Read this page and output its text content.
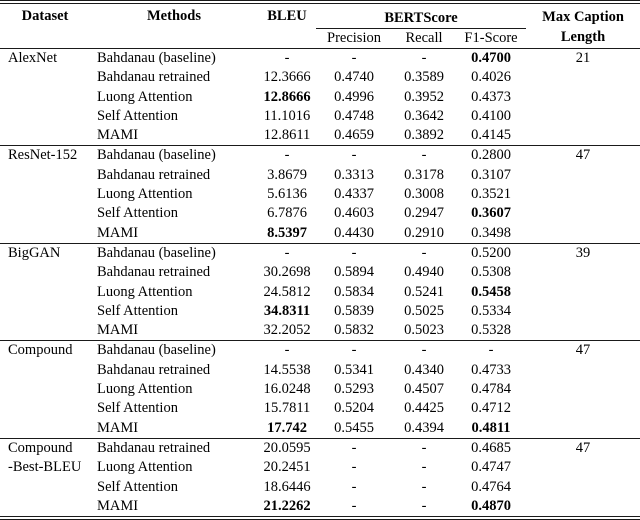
Dataset	Methods	BLEU	BERTScore			Max Caption
Length

			Precision	Recall	F1-Score	
AlexNet	Bahdanau (baseline)	-	-	-	0.4700	21
	Bahdanau retrained	12.3666	0.4740	0.3589	0.4026	
	Luong Attention	12.8666	0.4996	0.3952	0.4373	
	Self Attention	11.1016	0.4748	0.3642	0.4100	
	MAMI	12.8611	0.4659	0.3892	0.4145	
ResNet-152	Bahdanau (baseline)	-	-	-	0.2800	47
	Bahdanau retrained	3.8679	0.3313	0.3178	0.3107	
	Luong Attention	5.6136	0.4337	0.3008	0.3521	
	Self Attention	6.7876	0.4603	0.2947	0.3607	
	MAMI	8.5397	0.4430	0.2910	0.3498	
BigGAN	Bahdanau (baseline)	-	-	-	0.5200	39
	Bahdanau retrained	30.2698	0.5894	0.4940	0.5308	
	Luong Attention	24.5812	0.5834	0.5241	0.5458	
	Self Attention	34.8311	0.5839	0.5025	0.5334	
	MAMI	32.2052	0.5832	0.5023	0.5328	
Compound	Bahdanau (baseline)	-	-	-	-	47
	Bahdanau retrained	14.5538	0.5341	0.4340	0.4733	
	Luong Attention	16.0248	0.5293	0.4507	0.4784	
	Self Attention	15.7811	0.5204	0.4425	0.4712	
	MAMI	17.742	0.5455	0.4394	0.4811	

Compound
-Best-BLEU	Bahdanau retrained	20.0595	-	-	0.4685	47
	Luong Attention	20.2451	-	-	0.4747	
	Self Attention	18.6446	-	-	0.4764	
	MAMI	21.2262	-	-	0.4870	
